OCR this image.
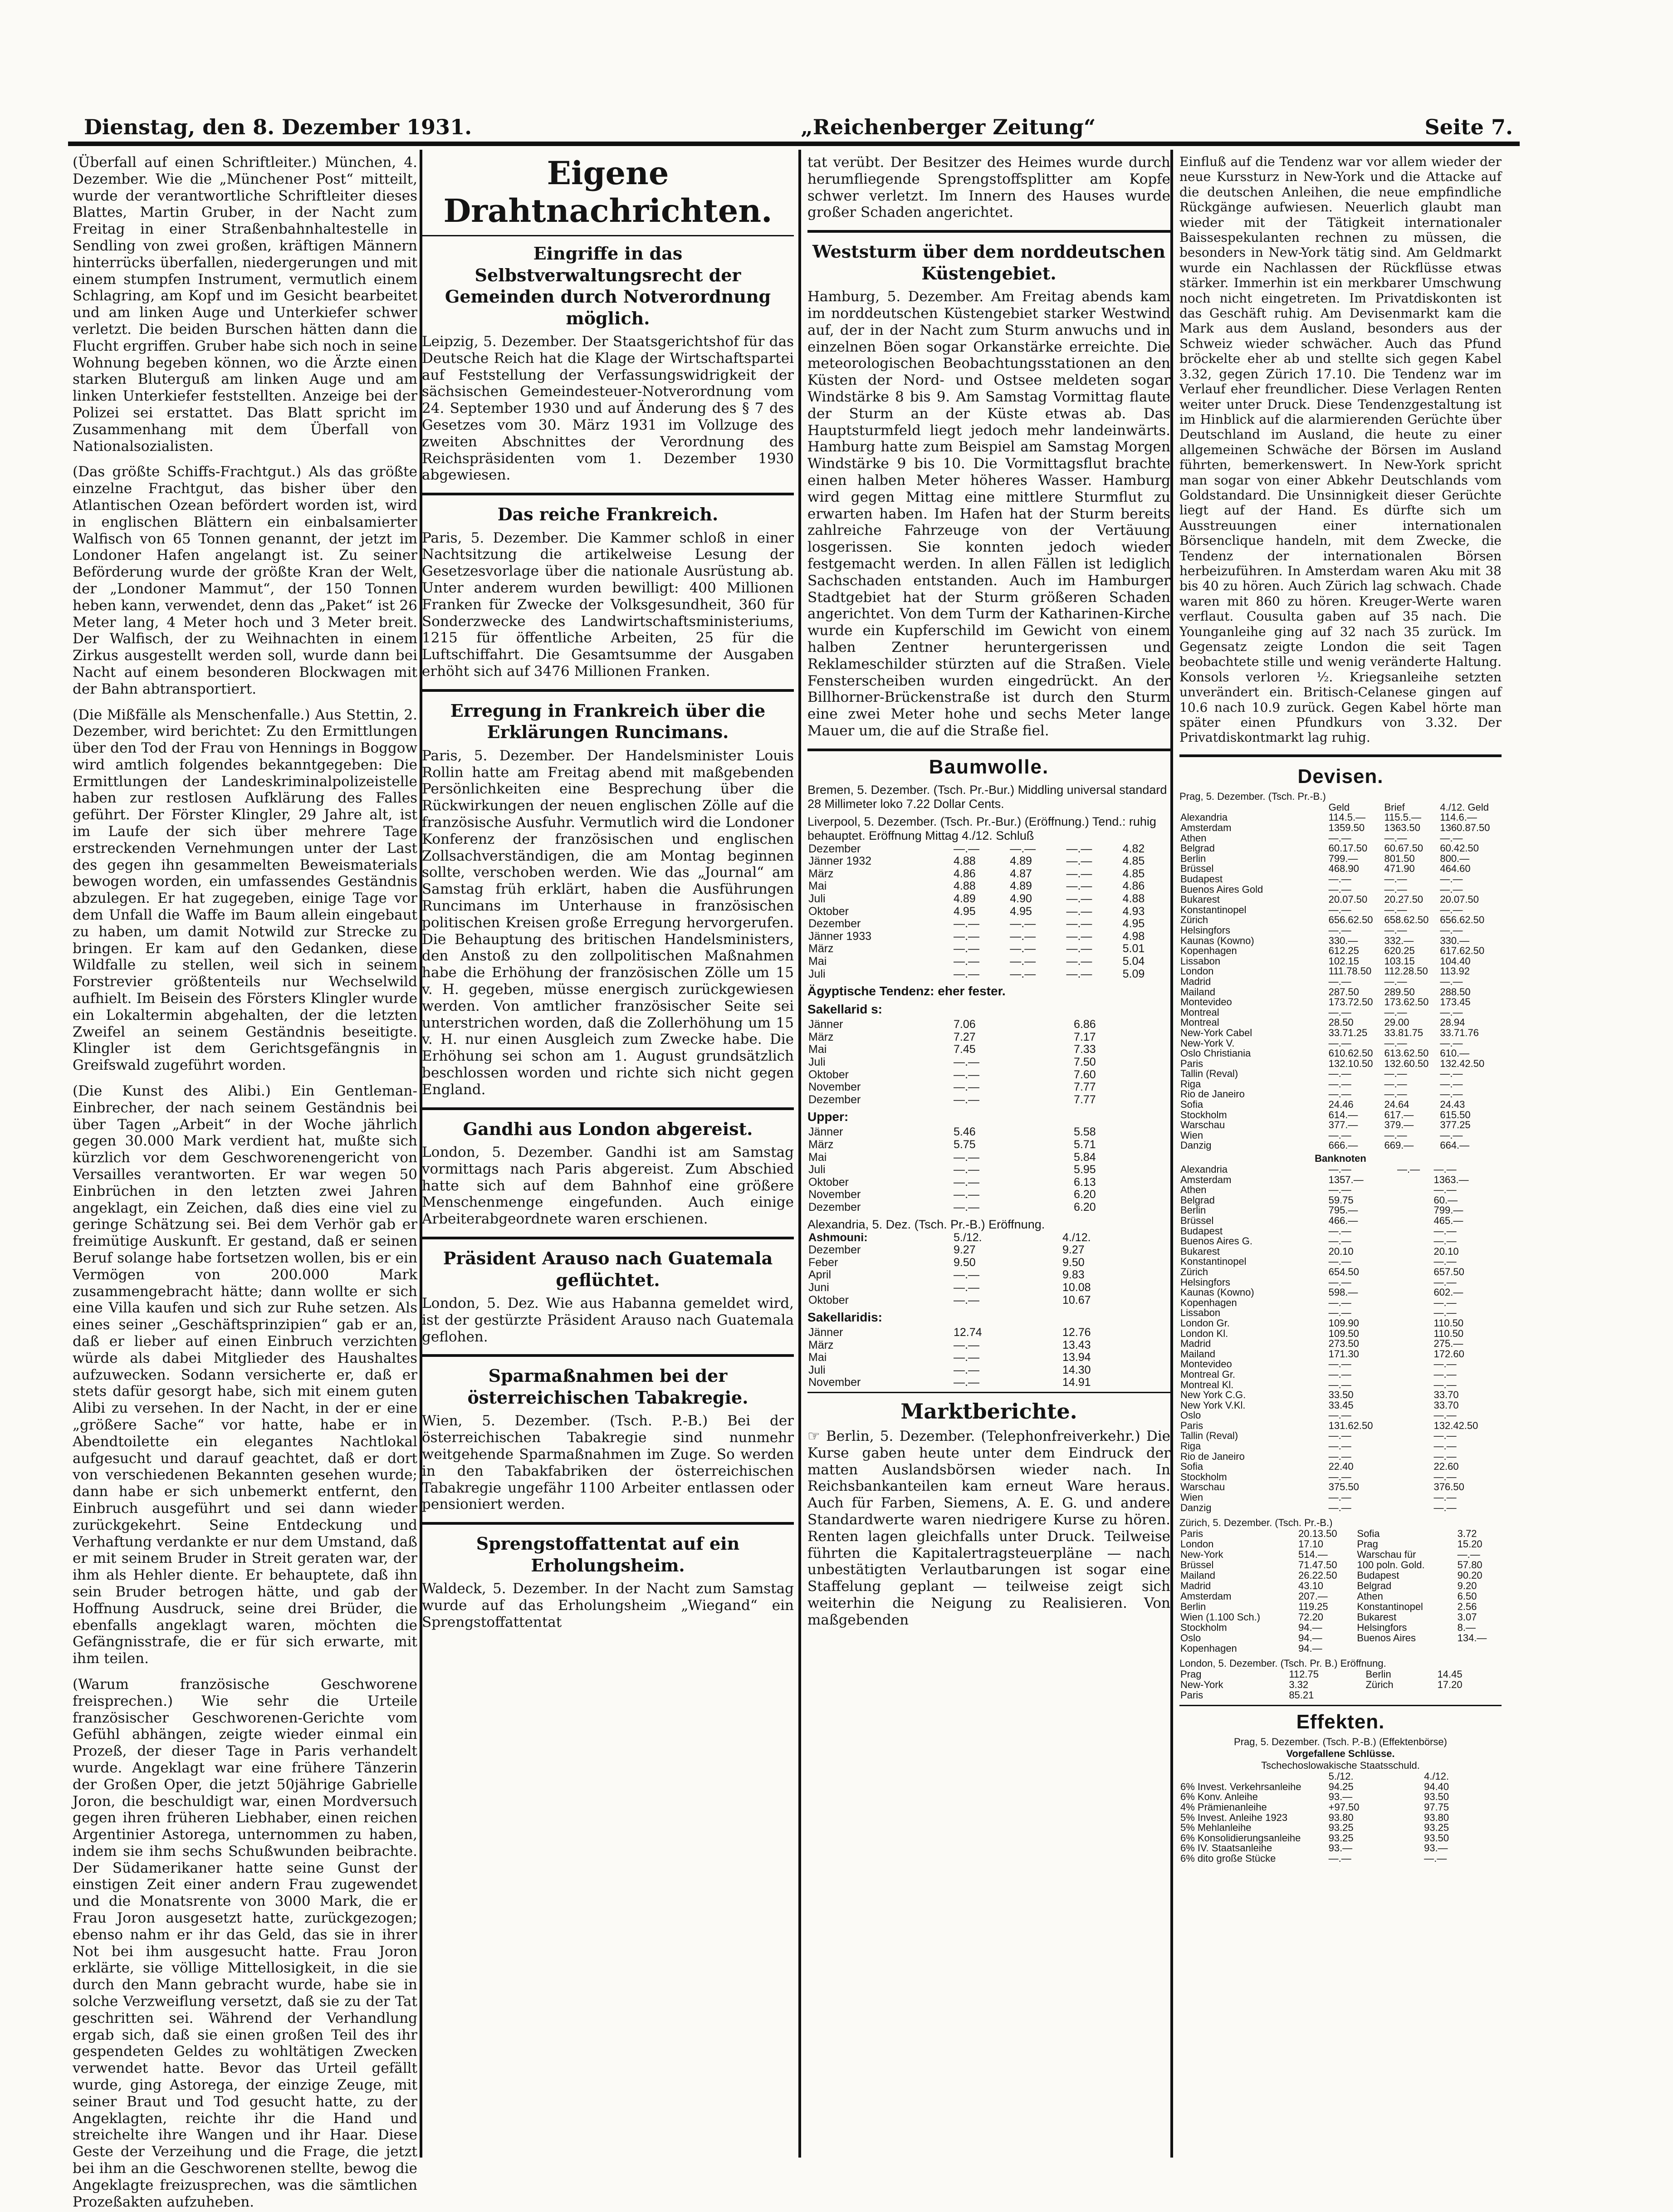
Dienstag, den 8. Dezember 1931.	„Reichenberger Zeitung“	Seite 7.

(Überfall auf einen Schriftleiter.) München, 4. Dezember. Wie die „Münchener Post“ mitteilt, wurde der verantwortliche Schriftleiter dieses Blattes, Martin Gruber, in der Nacht zum Freitag in einer Straßenbahnhaltestelle in Sendling von zwei großen, kräftigen Männern hinterrücks überfallen, niedergerungen und mit einem stumpfen Instrument, vermutlich einem Schlagring, am Kopf und im Gesicht bearbeitet und am linken Auge und Unterkiefer schwer verletzt. Die beiden Burschen hätten dann die Flucht ergriffen. Gruber habe sich noch in seine Wohnung begeben können, wo die Ärzte einen starken Bluterguß am linken Auge und am linken Unterkiefer feststellten. Anzeige bei der Polizei sei erstattet. Das Blatt spricht im Zusammenhang mit dem Überfall von Nationalsozialisten.

(Das größte Schiffs-Frachtgut.) Als das größte einzelne Frachtgut, das bisher über den Atlantischen Ozean befördert worden ist, wird in englischen Blättern ein einbalsamierter Walfisch von 65 Tonnen genannt, der jetzt im Londoner Hafen angelangt ist. Zu seiner Beförderung wurde der größte Kran der Welt, der „Londoner Mammut“, der 150 Tonnen heben kann, verwendet, denn das „Paket“ ist 26 Meter lang, 4 Meter hoch und 3 Meter breit. Der Walfisch, der zu Weihnachten in einem Zirkus ausgestellt werden soll, wurde dann bei Nacht auf einem besonderen Blockwagen mit der Bahn abtransportiert.

(Die Mißfälle als Menschenfalle.) Aus Stettin, 2. Dezember, wird berichtet: Zu den Ermittlungen über den Tod der Frau von Hennings in Boggow wird amtlich folgendes bekanntgegeben: Die Ermittlungen der Landeskriminalpolizeistelle haben zur restlosen Aufklärung des Falles geführt. Der Förster Klingler, 29 Jahre alt, ist im Laufe der sich über mehrere Tage erstreckenden Vernehmungen unter der Last des gegen ihn gesammelten Beweismaterials bewogen worden, ein umfassendes Geständnis abzulegen. Er hat zugegeben, einige Tage vor dem Unfall die Waffe im Baum allein eingebaut zu haben, um damit Notwild zur Strecke zu bringen. Er kam auf den Gedanken, diese Wildfalle zu stellen, weil sich in seinem Forstrevier größtenteils nur Wechselwild aufhielt. Im Beisein des Försters Klingler wurde ein Lokaltermin abgehalten, der die letzten Zweifel an seinem Geständnis beseitigte. Klingler ist dem Gerichtsgefängnis in Greifswald zugeführt worden.

(Die Kunst des Alibi.) Ein Gentleman-Einbrecher, der nach seinem Geständnis bei über Tagen „Arbeit“ in der Woche jährlich gegen 30.000 Mark verdient hat, mußte sich kürzlich vor dem Geschworenengericht von Versailles verantworten. Er war wegen 50 Einbrüchen in den letzten zwei Jahren angeklagt, ein Zeichen, daß dies eine viel zu geringe Schätzung sei. Bei dem Verhör gab er freimütige Auskunft. Er gestand, daß er seinen Beruf solange habe fortsetzen wollen, bis er ein Vermögen von 200.000 Mark zusammengebracht hätte; dann wollte er sich eine Villa kaufen und sich zur Ruhe setzen. Als eines seiner „Geschäftsprinzipien“ gab er an, daß er lieber auf einen Einbruch verzichten würde als dabei Mitglieder des Haushaltes aufzuwecken. Sodann versicherte er, daß er stets dafür gesorgt habe, sich mit einem guten Alibi zu versehen. In der Nacht, in der er eine „größere Sache“ vor hatte, habe er in Abendtoilette ein elegantes Nachtlokal aufgesucht und darauf geachtet, daß er dort von verschiedenen Bekannten gesehen wurde; dann habe er sich unbemerkt entfernt, den Einbruch ausgeführt und sei dann wieder zurückgekehrt. Seine Entdeckung und Verhaftung verdankte er nur dem Umstand, daß er mit seinem Bruder in Streit geraten war, der ihm als Hehler diente. Er behauptete, daß ihn sein Bruder betrogen hätte, und gab der Hoffnung Ausdruck, seine drei Brüder, die ebenfalls angeklagt waren, möchten die Gefängnisstrafe, die er für sich erwarte, mit ihm teilen.

(Warum französische Geschworene freisprechen.) Wie sehr die Urteile französischer Geschworenen-Gerichte vom Gefühl abhängen, zeigte wieder einmal ein Prozeß, der dieser Tage in Paris verhandelt wurde. Angeklagt war eine frühere Tänzerin der Großen Oper, die jetzt 50jährige Gabrielle Joron, die beschuldigt war, einen Mordversuch gegen ihren früheren Liebhaber, einen reichen Argentinier Astorega, unternommen zu haben, indem sie ihm sechs Schußwunden beibrachte. Der Südamerikaner hatte seine Gunst der einstigen Zeit einer andern Frau zugewendet und die Monatsrente von 3000 Mark, die er Frau Joron ausgesetzt hatte, zurückgezogen; ebenso nahm er ihr das Geld, das sie in ihrer Not bei ihm ausgesucht hatte. Frau Joron erklärte, sie völlige Mittellosigkeit, in die sie durch den Mann gebracht wurde, habe sie in solche Verzweiflung versetzt, daß sie zu der Tat geschritten sei. Während der Verhandlung ergab sich, daß sie einen großen Teil des ihr gespendeten Geldes zu wohltätigen Zwecken verwendet hatte. Bevor das Urteil gefällt wurde, ging Astorega, der einzige Zeuge, mit seiner Braut und Tod gesucht hatte, zu der Angeklagten, reichte ihr die Hand und streichelte ihre Wangen und ihr Haar. Diese Geste der Verzeihung und die Frage, die jetzt bei ihm an die Geschworenen stellte, bewog die Angeklagte freizusprechen, was die sämtlichen Prozeßakten aufzuheben.

Eigene Drahtnachrichten.
Eingriffe in das Selbstverwaltungsrecht der Gemeinden durch Notverordnung möglich.

Leipzig, 5. Dezember. Der Staatsgerichtshof für das Deutsche Reich hat die Klage der Wirtschaftspartei auf Feststellung der Verfassungswidrigkeit der sächsischen Gemeindesteuer-Notverordnung vom 24. September 1930 und auf Änderung des § 7 des Gesetzes vom 30. März 1931 im Vollzuge des zweiten Abschnittes der Verordnung des Reichspräsidenten vom 1. Dezember 1930 abgewiesen.

Das reiche Frankreich.

Paris, 5. Dezember. Die Kammer schloß in einer Nachtsitzung die artikelweise Lesung der Gesetzesvorlage über die nationale Ausrüstung ab. Unter anderem wurden bewilligt: 400 Millionen Franken für Zwecke der Volksgesundheit, 360 für Sonderzwecke des Landwirtschaftsministeriums, 1215 für öffentliche Arbeiten, 25 für die Luftschiffahrt. Die Gesamtsumme der Ausgaben erhöht sich auf 3476 Millionen Franken.

Erregung in Frankreich über die Erklärungen Runcimans.

Paris, 5. Dezember. Der Handelsminister Louis Rollin hatte am Freitag abend mit maßgebenden Persönlichkeiten eine Besprechung über die Rückwirkungen der neuen englischen Zölle auf die französische Ausfuhr. Vermutlich wird die Londoner Konferenz der französischen und englischen Zollsachverständigen, die am Montag beginnen sollte, verschoben werden. Wie das „Journal“ am Samstag früh erklärt, haben die Ausführungen Runcimans im Unterhause in französischen politischen Kreisen große Erregung hervorgerufen. Die Behauptung des britischen Handelsministers, den Anstoß zu den zollpolitischen Maßnahmen habe die Erhöhung der französischen Zölle um 15 v. H. gegeben, müsse energisch zurückgewiesen werden. Von amtlicher französischer Seite sei unterstrichen worden, daß die Zollerhöhung um 15 v. H. nur einen Ausgleich zum Zwecke habe. Die Erhöhung sei schon am 1. August grundsätzlich beschlossen worden und richte sich nicht gegen England.

Gandhi aus London abgereist.

London, 5. Dezember. Gandhi ist am Samstag vormittags nach Paris abgereist. Zum Abschied hatte sich auf dem Bahnhof eine größere Menschenmenge eingefunden. Auch einige Arbeiterabgeordnete waren erschienen.

Präsident Arauso nach Guatemala geflüchtet.

London, 5. Dez. Wie aus Habanna gemeldet wird, ist der gestürzte Präsident Arauso nach Guatemala geflohen.

Sparmaßnahmen bei der österreichischen Tabakregie.

Wien, 5. Dezember. (Tsch. P.-B.) Bei der österreichischen Tabakregie sind nunmehr weitgehende Sparmaßnahmen im Zuge. So werden in den Tabakfabriken der österreichischen Tabakregie ungefähr 1100 Arbeiter entlassen oder pensioniert werden.

Sprengstoffattentat auf ein Erholungsheim.

Waldeck, 5. Dezember. In der Nacht zum Samstag wurde auf das Erholungsheim „Wiegand“ ein Sprengstoffattentat

tat verübt. Der Besitzer des Heimes wurde durch herumfliegende Sprengstoffsplitter am Kopfe schwer verletzt. Im Innern des Hauses wurde großer Schaden angerichtet.

Weststurm über dem norddeutschen Küstengebiet.

Hamburg, 5. Dezember. Am Freitag abends kam im norddeutschen Küstengebiet starker Westwind auf, der in der Nacht zum Sturm anwuchs und in einzelnen Böen sogar Orkanstärke erreichte. Die meteorologischen Beobachtungsstationen an den Küsten der Nord- und Ostsee meldeten sogar Windstärke 8 bis 9. Am Samstag Vormittag flaute der Sturm an der Küste etwas ab. Das Hauptsturmfeld liegt jedoch mehr landeinwärts. Hamburg hatte zum Beispiel am Samstag Morgen Windstärke 9 bis 10. Die Vormittagsflut brachte einen halben Meter höheres Wasser. Hamburg wird gegen Mittag eine mittlere Sturmflut zu erwarten haben. Im Hafen hat der Sturm bereits zahlreiche Fahrzeuge von der Vertäuung losgerissen. Sie konnten jedoch wieder festgemacht werden. In allen Fällen ist lediglich Sachschaden entstanden. Auch im Hamburger Stadtgebiet hat der Sturm größeren Schaden angerichtet. Von dem Turm der Katharinen-Kirche wurde ein Kupferschild im Gewicht von einem halben Zentner heruntergerissen und Reklameschilder stürzten auf die Straßen. Viele Fensterscheiben wurden eingedrückt. An der Billhorner-Brückenstraße ist durch den Sturm eine zwei Meter hohe und sechs Meter lange Mauer um, die auf die Straße fiel.

Baumwolle.
Bremen, 5. Dezember. (Tsch. Pr.-Bur.) Middling universal standard 28 Millimeter loko 7.22 Dollar Cents.
Liverpool, 5. Dezember. (Tsch. Pr.-Bur.) (Eröffnung.) Tend.: ruhig behauptet. Eröffnung Mittag 4./12. Schluß
Dezember	—.—	—.—	—.—	4.82
Jänner 1932	4.88	4.89	—.—	4.85
März	4.86	4.87	—.—	4.85
Mai	4.88	4.89	—.—	4.86
Juli	4.89	4.90	—.—	4.88
Oktober	4.95	4.95	—.—	4.93
Dezember	—.—	—.—	—.—	4.95
Jänner 1933	—.—	—.—	—.—	4.98
März	—.—	—.—	—.—	5.01
Mai	—.—	—.—	—.—	5.04
Juli	—.—	—.—	—.—	5.09
Ägyptische Tendenz: eher fester.
Sakellarid s:
Jänner	7.06		6.86
März	7.27		7.17
Mai	7.45		7.33
Juli	—.—		7.50
Oktober	—.—		7.60
November	—.—		7.77
Dezember	—.—		7.77
Upper:
Jänner	5.46		5.58
März	5.75		5.71
Mai	—.—		5.84
Juli	—.—		5.95
Oktober	—.—		6.13
November	—.—		6.20
Dezember	—.—		6.20
Alexandria, 5. Dez. (Tsch. Pr.-B.) Eröffnung.
Ashmouni:	5./12.	4./12.
Dezember	9.27	9.27
Feber	9.50	9.50
April	—.—	9.83
Juni	—.—	10.08
Oktober	—.—	10.67
Sakellaridis:
Jänner	12.74	12.76
März	—.—	13.43
Mai	—.—	13.94
Juli	—.—	14.30
November	—.—	14.91
Marktberichte.

☞ Berlin, 5. Dezember. (Telephonfreiverkehr.) Die Kurse gaben heute unter dem Eindruck der matten Auslandsbörsen wieder nach. In Reichsbankanteilen kam erneut Ware heraus. Auch für Farben, Siemens, A. E. G. und andere Standardwerte waren niedrigere Kurse zu hören. Renten lagen gleichfalls unter Druck. Teilweise führten die Kapitalertragsteuerpläne — nach unbestätigten Verlautbarungen ist sogar eine Staffelung geplant — teilweise zeigt sich weiterhin die Neigung zu Realisieren. Von maßgebenden

Einfluß auf die Tendenz war vor allem wieder der neue Kurssturz in New-York und die Attacke auf die deutschen Anleihen, die neue empfindliche Rückgänge aufwiesen. Neuerlich glaubt man wieder mit der Tätigkeit internationaler Baissespekulanten rechnen zu müssen, die besonders in New-York tätig sind. Am Geldmarkt wurde ein Nachlassen der Rückflüsse etwas stärker. Immerhin ist ein merkbarer Umschwung noch nicht eingetreten. Im Privatdiskonten ist das Geschäft ruhig. Am Devisenmarkt kam die Mark aus dem Ausland, besonders aus der Schweiz wieder schwächer. Auch das Pfund bröckelte eher ab und stellte sich gegen Kabel 3.32, gegen Zürich 17.10. Die Tendenz war im Verlauf eher freundlicher. Diese Verlagen Renten weiter unter Druck. Diese Tendenzgestaltung ist im Hinblick auf die alarmierenden Gerüchte über Deutschland im Ausland, die heute zu einer allgemeinen Schwäche der Börsen im Ausland führten, bemerkenswert. In New-York spricht man sogar von einer Abkehr Deutschlands vom Goldstandard. Die Unsinnigkeit dieser Gerüchte liegt auf der Hand. Es dürfte sich um Ausstreuungen einer internationalen Börsenclique handeln, mit dem Zwecke, die Tendenz der internationalen Börsen herbeizuführen. In Amsterdam waren Aku mit 38 bis 40 zu hören. Auch Zürich lag schwach. Chade waren mit 860 zu hören. Kreuger-Werte waren verflaut. Cousulta gaben auf 35 nach. Die Younganleihe ging auf 32 nach 35 zurück. Im Gegensatz zeigte London die seit Tagen beobachtete stille und wenig veränderte Haltung. Konsols verloren ½. Kriegsanleihe setzten unverändert ein. Britisch-Celanese gingen auf 10.6 nach 10.9 zurück. Gegen Kabel hörte man später einen Pfundkurs von 3.32. Der Privatdiskontmarkt lag ruhig.

Devisen.
Prag, 5. Dezember. (Tsch. Pr.-B.)
	Geld	Brief	4./12. Geld
Alexandria	114.5.—	115.5.—	114.6.—
Amsterdam	1359.50	1363.50	1360.87.50
Athen	—.—	—.—	—.—
Belgrad	60.17.50	60.67.50	60.42.50
Berlin	799.—	801.50	800.—
Brüssel	468.90	471.90	464.60
Budapest	—.—	—.—	—.—
Buenos Aires Gold	—.—	—.—	—.—
Bukarest	20.07.50	20.27.50	20.07.50
Konstantinopel	—.—	—.—	—.—
Zürich	656.62.50	658.62.50	656.62.50
Helsingfors	—.—	—.—	—.—
Kaunas (Kowno)	330.—	332.—	330.—
Kopenhagen	612.25	620.25	617.62.50
Lissabon	102.15	103.15	104.40
London	111.78.50	112.28.50	113.92
Madrid	—.—	—.—	—.—
Mailand	287.50	289.50	288.50
Montevideo	173.72.50	173.62.50	173.45
Montreal	—.—	—.—	—.—
Montreal	28.50	29.00	28.94
New-York Cabel	33.71.25	33.81.75	33.71.76
New-York V.	—.—	—.—	—.—
Oslo Christiania	610.62.50	613.62.50	610.—
Paris	132.10.50	132.60.50	132.42.50
Tallin (Reval)	—.—	—.—	—.—
Riga	—.—	—.—	—.—
Rio de Janeiro	—.—	—.—	—.—
Sofia	24.46	24.64	24.43
Stockholm	614.—	617.—	615.50
Warschau	377.—	379.—	377.25
Wien	—.—	—.—	—.—
Danzig	666.—	669.—	664.—
Banknoten
Alexandria	—.—	—.—	—.—
Amsterdam	1357.—		1363.—
Athen	—.—		—.—
Belgrad	59.75		60.—
Berlin	795.—		799.—
Brüssel	466.—		465.—
Budapest	—.—		—.—
Buenos Aires G.	—.—		—.—
Bukarest	20.10		20.10
Konstantinopel	—.—		—.—
Zürich	654.50		657.50
Helsingfors	—.—		—.—
Kaunas (Kowno)	598.—		602.—
Kopenhagen	—.—		—.—
Lissabon	—.—		—.—
London Gr.	109.90		110.50
London Kl.	109.50		110.50
Madrid	273.50		275.—
Mailand	171.30		172.60
Montevideo	—.—		—.—
Montreal Gr.	—.—		—.—
Montreal Kl.	—.—		—.—
New York C.G.	33.50		33.70
New York V.Kl.	33.45		33.70
Oslo	—.—		—.—
Paris	131.62.50		132.42.50
Tallin (Reval)	—.—		—.—
Riga	—.—		—.—
Rio de Janeiro	—.—		—.—
Sofia	22.40		22.60
Stockholm	—.—		—.—
Warschau	375.50		376.50
Wien	—.—		—.—
Danzig	—.—		—.—
Zürich, 5. Dezember. (Tsch. Pr.-B.)
Paris	20.13.50	Sofia	3.72
London	17.10	Prag	15.20
New-York	514.—	Warschau für	—.—
Brüssel	71.47.50	100 poln. Gold.	57.80
Mailand	26.22.50	Budapest	90.20
Madrid	43.10	Belgrad	9.20
Amsterdam	207.—	Athen	6.50
Berlin	119.25	Konstantinopel	2.56
Wien (1.100 Sch.)	72.20	Bukarest	3.07
Stockholm	94.—	Helsingfors	8.—
Oslo	94.—	Buenos Aires	134.—
Kopenhagen	94.—		
London, 5. Dezember. (Tsch. Pr. B.) Eröffnung.
Prag	112.75	Berlin	14.45
New-York	3.32	Zürich	17.20
Paris	85.21		
Effekten.
Prag, 5. Dezember. (Tsch. P.-B.) (Effektenbörse)
Vorgefallene Schlüsse.
Tschechoslowakische Staatsschuld.
	5./12.	4./12.
6% Invest. Verkehrsanleihe	94.25	94.40
6% Konv. Anleihe	93.—	93.50
4% Prämienanleihe	+97.50	97.75
5% Invest. Anleihe 1923	93.80	93.80
5% Mehlanleihe	93.25	93.25
6% Konsolidierungsanleihe	93.25	93.50
6% IV. Staatsanleihe	93.—	93.—
6% dito große Stücke	—.—	—.—
